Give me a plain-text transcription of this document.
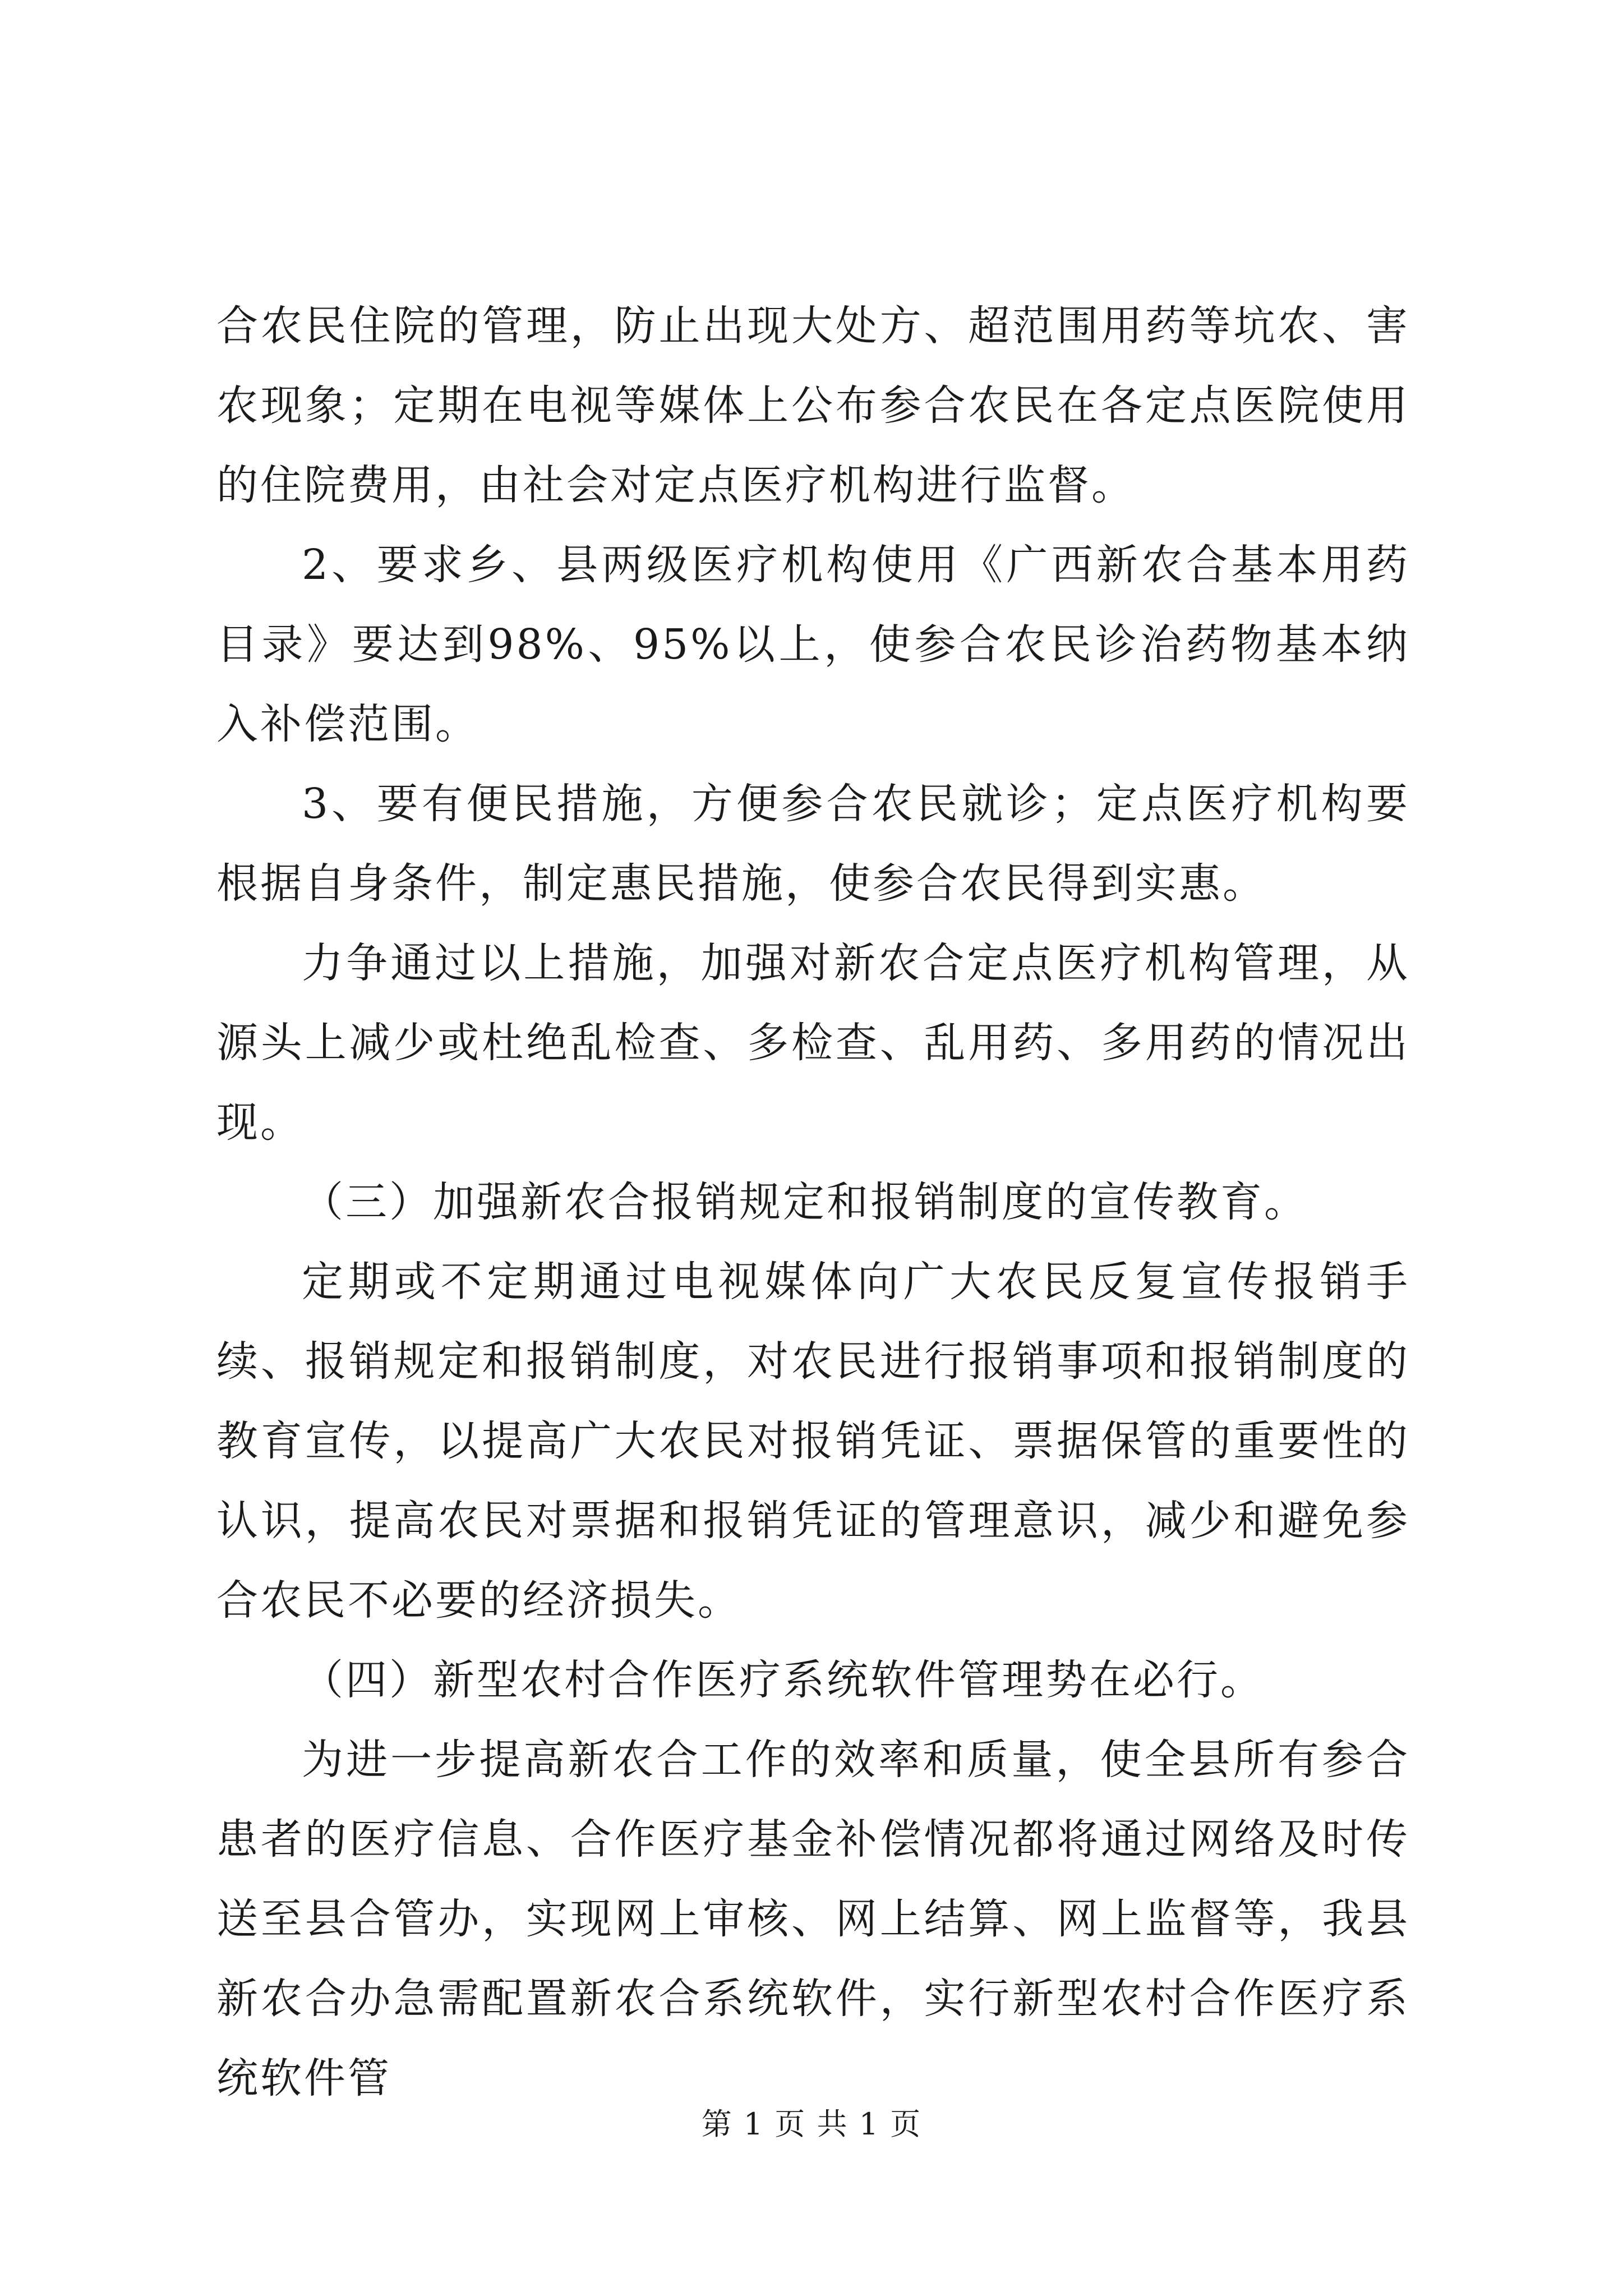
合农民住院的管理，防止出现大处方、超范围用药等坑农、害农现象；定期在电视等媒体上公布参合农民在各定点医院使用的住院费用，由社会对定点医疗机构进行监督。

2、要求乡、县两级医疗机构使用《广西新农合基本用药目录》要达到98%、95%以上，使参合农民诊治药物基本纳入补偿范围。

3、要有便民措施，方便参合农民就诊；定点医疗机构要根据自身条件，制定惠民措施，使参合农民得到实惠。

力争通过以上措施，加强对新农合定点医疗机构管理，从源头上减少或杜绝乱检查、多检查、乱用药、多用药的情况出现。

（三）加强新农合报销规定和报销制度的宣传教育。

定期或不定期通过电视媒体向广大农民反复宣传报销手续、报销规定和报销制度，对农民进行报销事项和报销制度的教育宣传，以提高广大农民对报销凭证、票据保管的重要性的认识，提高农民对票据和报销凭证的管理意识，减少和避免参合农民不必要的经济损失。

（四）新型农村合作医疗系统软件管理势在必行。

为进一步提高新农合工作的效率和质量，使全县所有参合患者的医疗信息、合作医疗基金补偿情况都将通过网络及时传送至县合管办，实现网上审核、网上结算、网上监督等，我县新农合办急需配置新农合系统软件，实行新型农村合作医疗系统软件管

第 1 页 共 1 页
